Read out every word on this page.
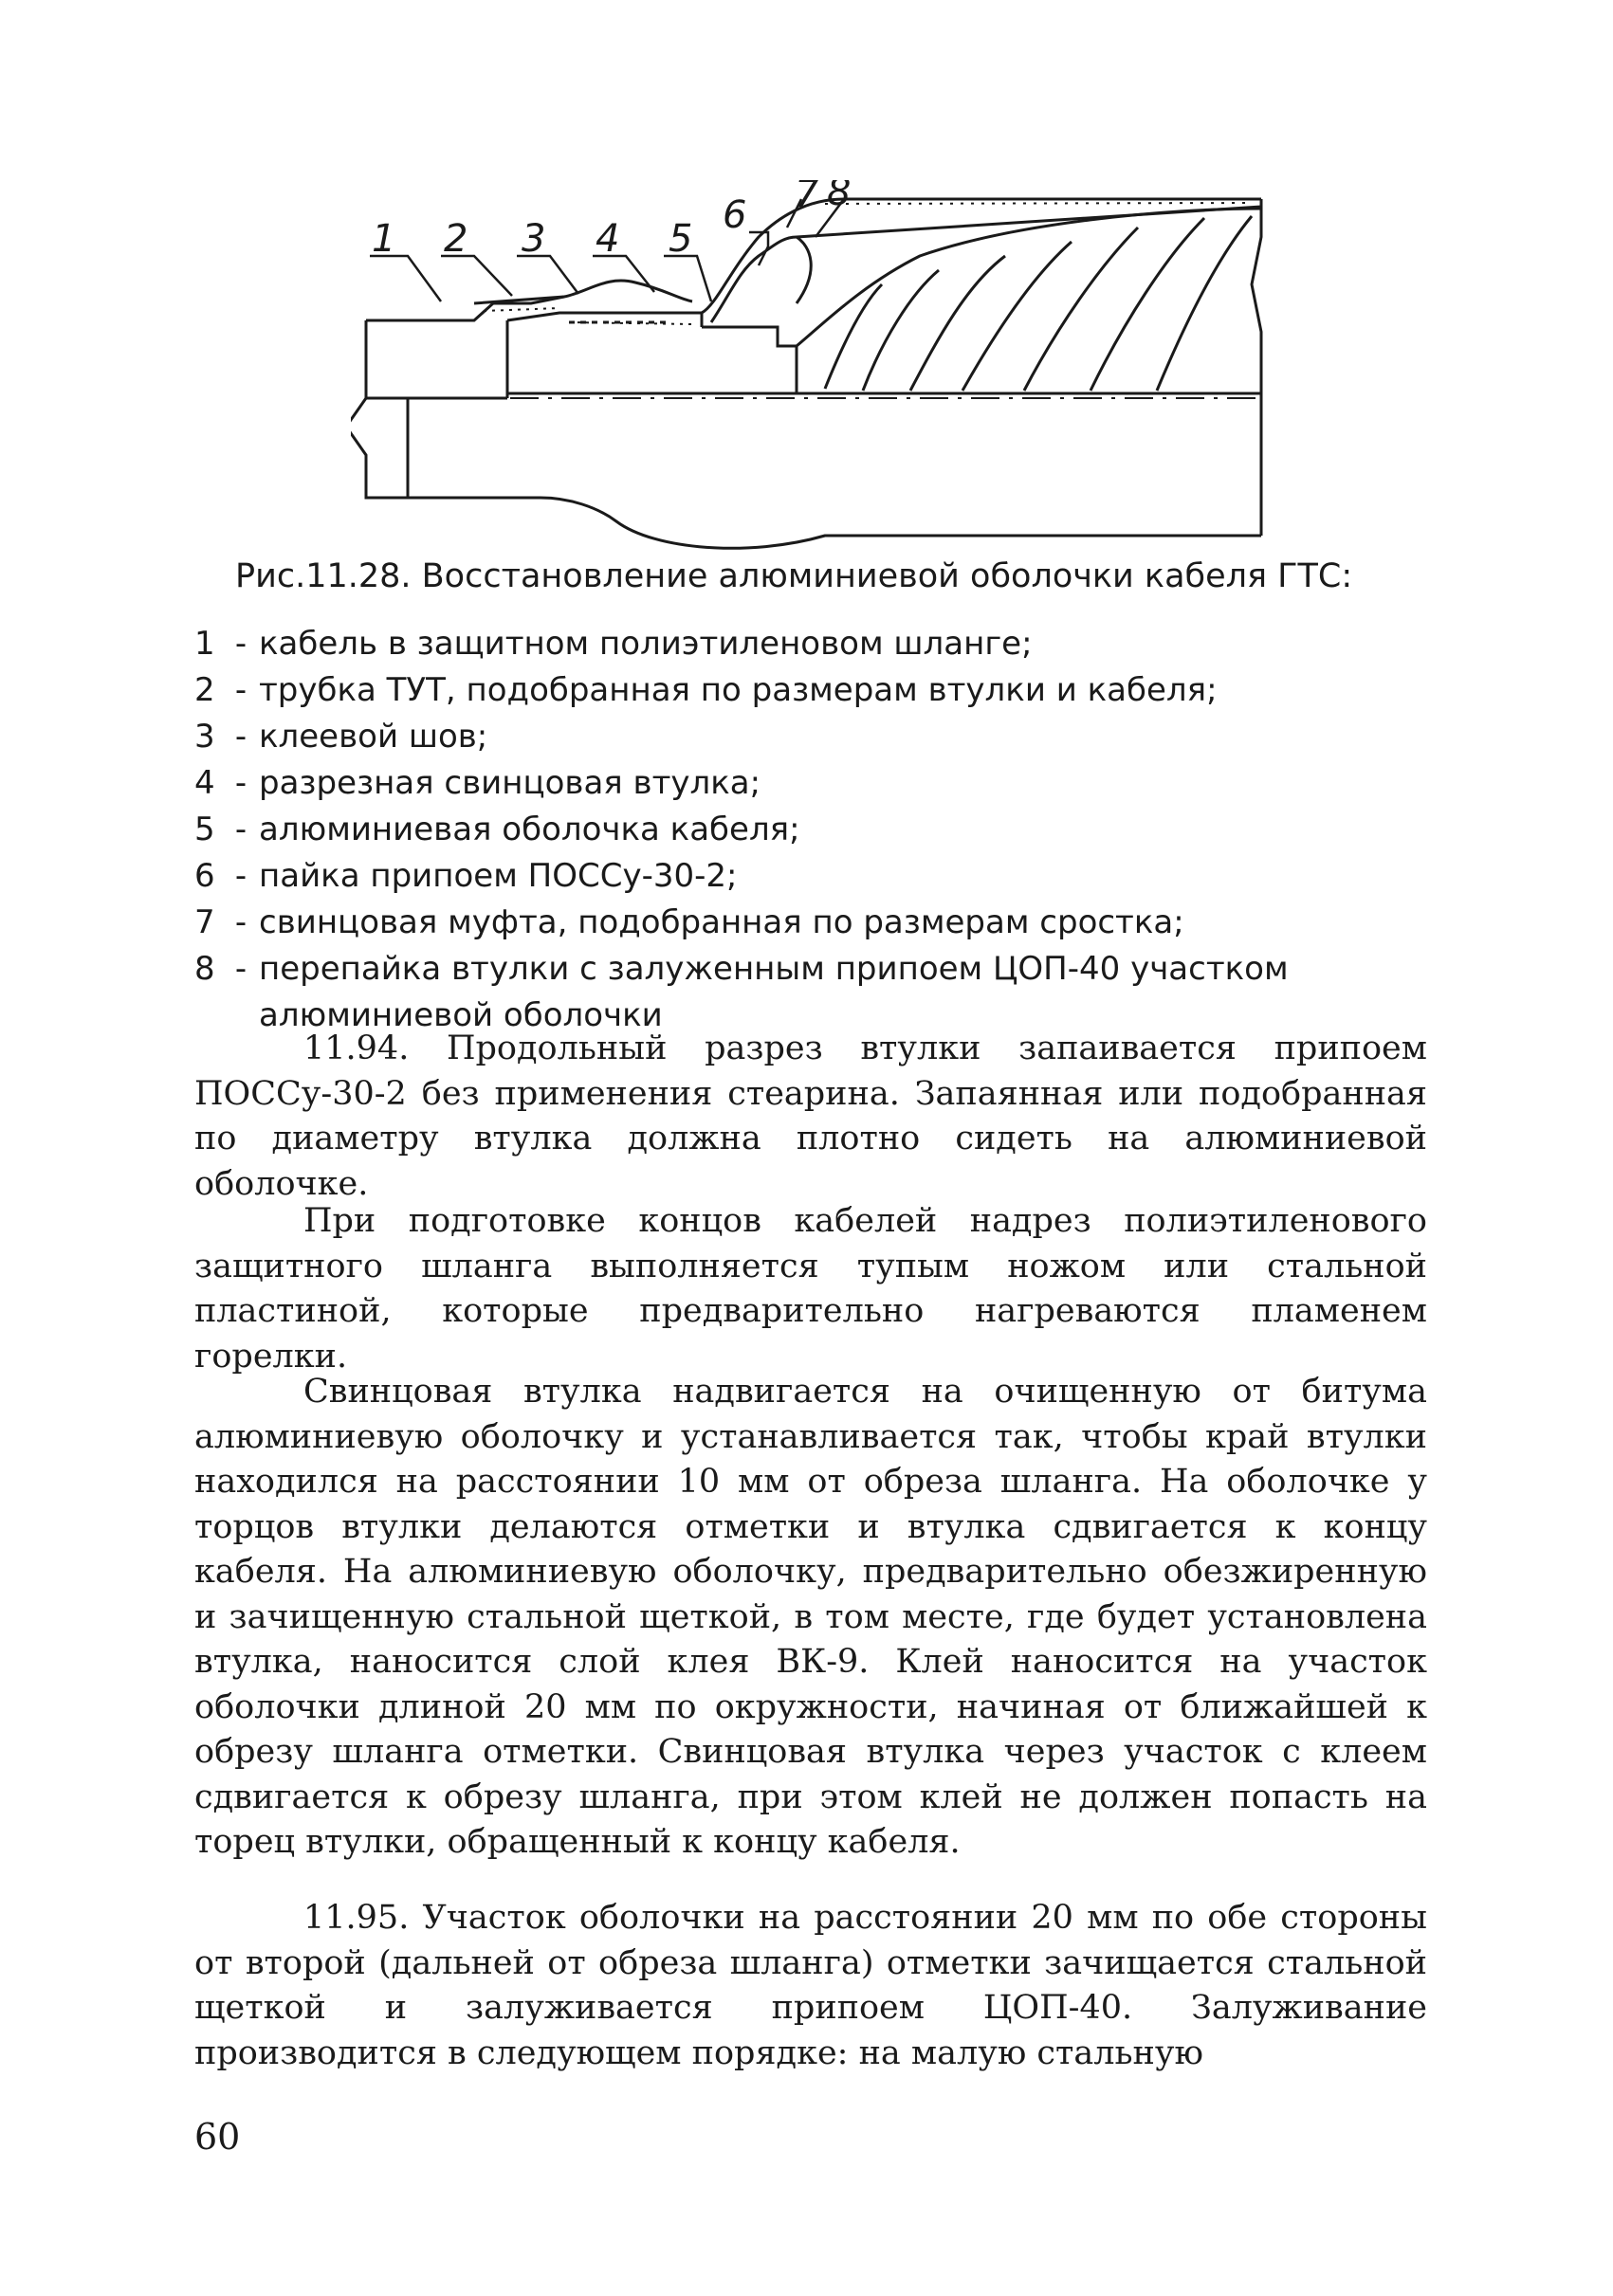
1 2 3 4 5
6 7 8
Рис.11.28. Восстановление алюминиевой оболочки кабеля ГТС:
1 - кабель в защитном полиэтиленовом шланге;
2 - трубка ТУТ, подобранная по размерам втулки и кабеля;
3 - клеевой шов;
4 - разрезная свинцовая втулка;
5 - алюминиевая оболочка кабеля;
6 - пайка припоем ПОССу-30-2;
7 - свинцовая муфта, подобранная по размерам сростка;
8 - перепайка втулки с залуженным припоем ЦОП-40 участком
алюминиевой оболочки

11.94. Продольный разрез втулки запаивается припоем ПОССу-30-2 без применения стеарина. Запаянная или подобранная по диаметру втулка должна плотно сидеть на алюминиевой оболочке.

При подготовке концов кабелей надрез полиэтиленового защитного шланга выполняется тупым ножом или стальной пластиной, которые предварительно нагреваются пламенем горелки.

Свинцовая втулка надвигается на очищенную от битума алюминиевую оболочку и устанавливается так, чтобы край втулки находился на расстоянии 10 мм от обреза шланга. На оболочке у торцов втулки делаются отметки и втулка сдвигается к концу кабеля. На алюминиевую оболочку, предварительно обезжиренную и зачищенную стальной щеткой, в том месте, где будет установлена втулка, наносится слой клея ВК-9. Клей наносится на участок оболочки длиной 20 мм по окружности, начиная от ближайшей к обрезу шланга отметки. Свинцовая втулка через участок с клеем сдвигается к обрезу шланга, при этом клей не должен попасть на торец втулки, обращенный к концу кабеля.

11.95. Участок оболочки на расстоянии 20 мм по обе стороны от второй (дальней от обреза шланга) отметки зачищается стальной щеткой и залуживается припоем ЦОП-40. Залуживание производится в следующем порядке: на малую стальную

60
